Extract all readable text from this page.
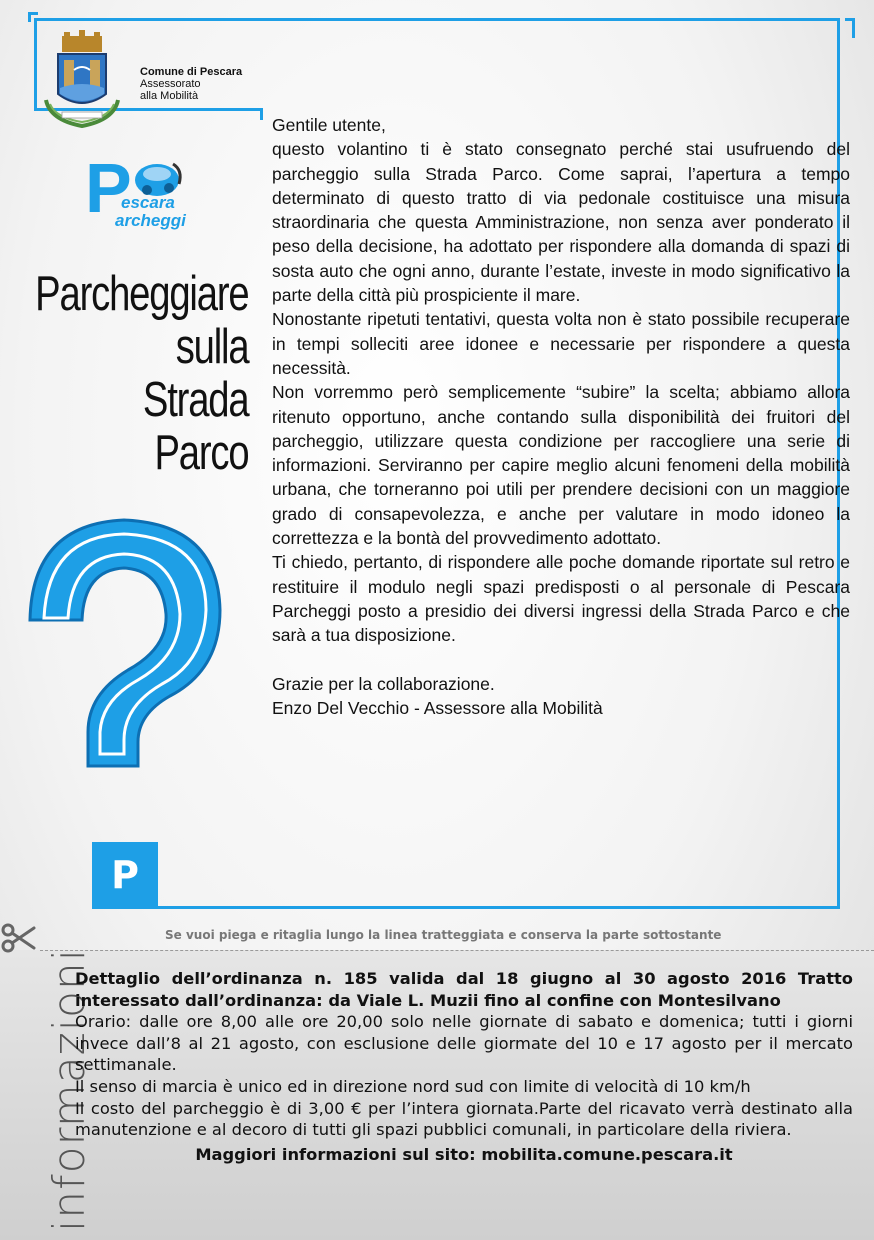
Comune di Pescara
Assessorato
alla Mobilità
P
escara
archeggi
Parcheggiare
sulla
Strada
Parco
P

Gentile utente,

questo volantino ti è stato consegnato perché stai usufruendo del parcheggio sulla Strada Parco. Come saprai, l’apertura a tempo determinato di questo tratto di via pedonale costituisce una misura straordinaria che questa Amministrazione, non senza aver ponderato il peso della decisione, ha adottato per rispondere alla domanda di spazi di sosta auto che ogni anno, durante l’estate, investe in modo significativo la parte della città più prospiciente il mare.

Nonostante ripetuti tentativi, questa volta non è stato possibile recuperare in tempi solleciti aree idonee e necessarie per rispondere a questa necessità.

Non vorremmo però semplicemente “subire” la scelta; abbiamo allora ritenuto opportuno, anche contando sulla disponibilità dei fruitori del parcheggio, utilizzare questa condizione per raccogliere una serie di informazioni. Serviranno per capire meglio alcuni fenomeni della mobilità urbana, che torneranno poi utili per prendere decisioni con un maggiore grado di consapevolezza, e anche per valutare in modo idoneo la correttezza e la bontà del provvedimento adottato.

Ti chiedo, pertanto, di rispondere alle poche domande riportate sul retro e restituire il modulo negli spazi predisposti o al personale di Pescara Parcheggi posto a presidio dei diversi ingressi della Strada Parco e che sarà a tua disposizione.

Grazie per la collaborazione.

Enzo Del Vecchio - Assessore alla Mobilità

Se vuoi piega e ritaglia lungo la linea tratteggiata e conserva la parte sottostante
informazioni

Dettaglio dell’ordinanza n. 185 valida dal 18 giugno al 30 agosto 2016 Tratto interessato dall’ordinanza: da Viale L. Muzii fino al confine con Montesilvano

Orario: dalle ore 8,00 alle ore 20,00 solo nelle giornate di sabato e domenica; tutti i giorni invece dall’8 al 21 agosto, con esclusione delle giormate del 10 e 17 agosto per il mercato settimanale.

Il senso di marcia è unico ed in direzione nord sud con limite di velocità di 10 km/h

Il costo del parcheggio è di 3,00 € per l’intera giornata.Parte del ricavato verrà destinato alla manutenzione e al decoro di tutti gli spazi pubblici comunali, in particolare della riviera.

Maggiori informazioni sul sito: mobilita.comune.pescara.it
